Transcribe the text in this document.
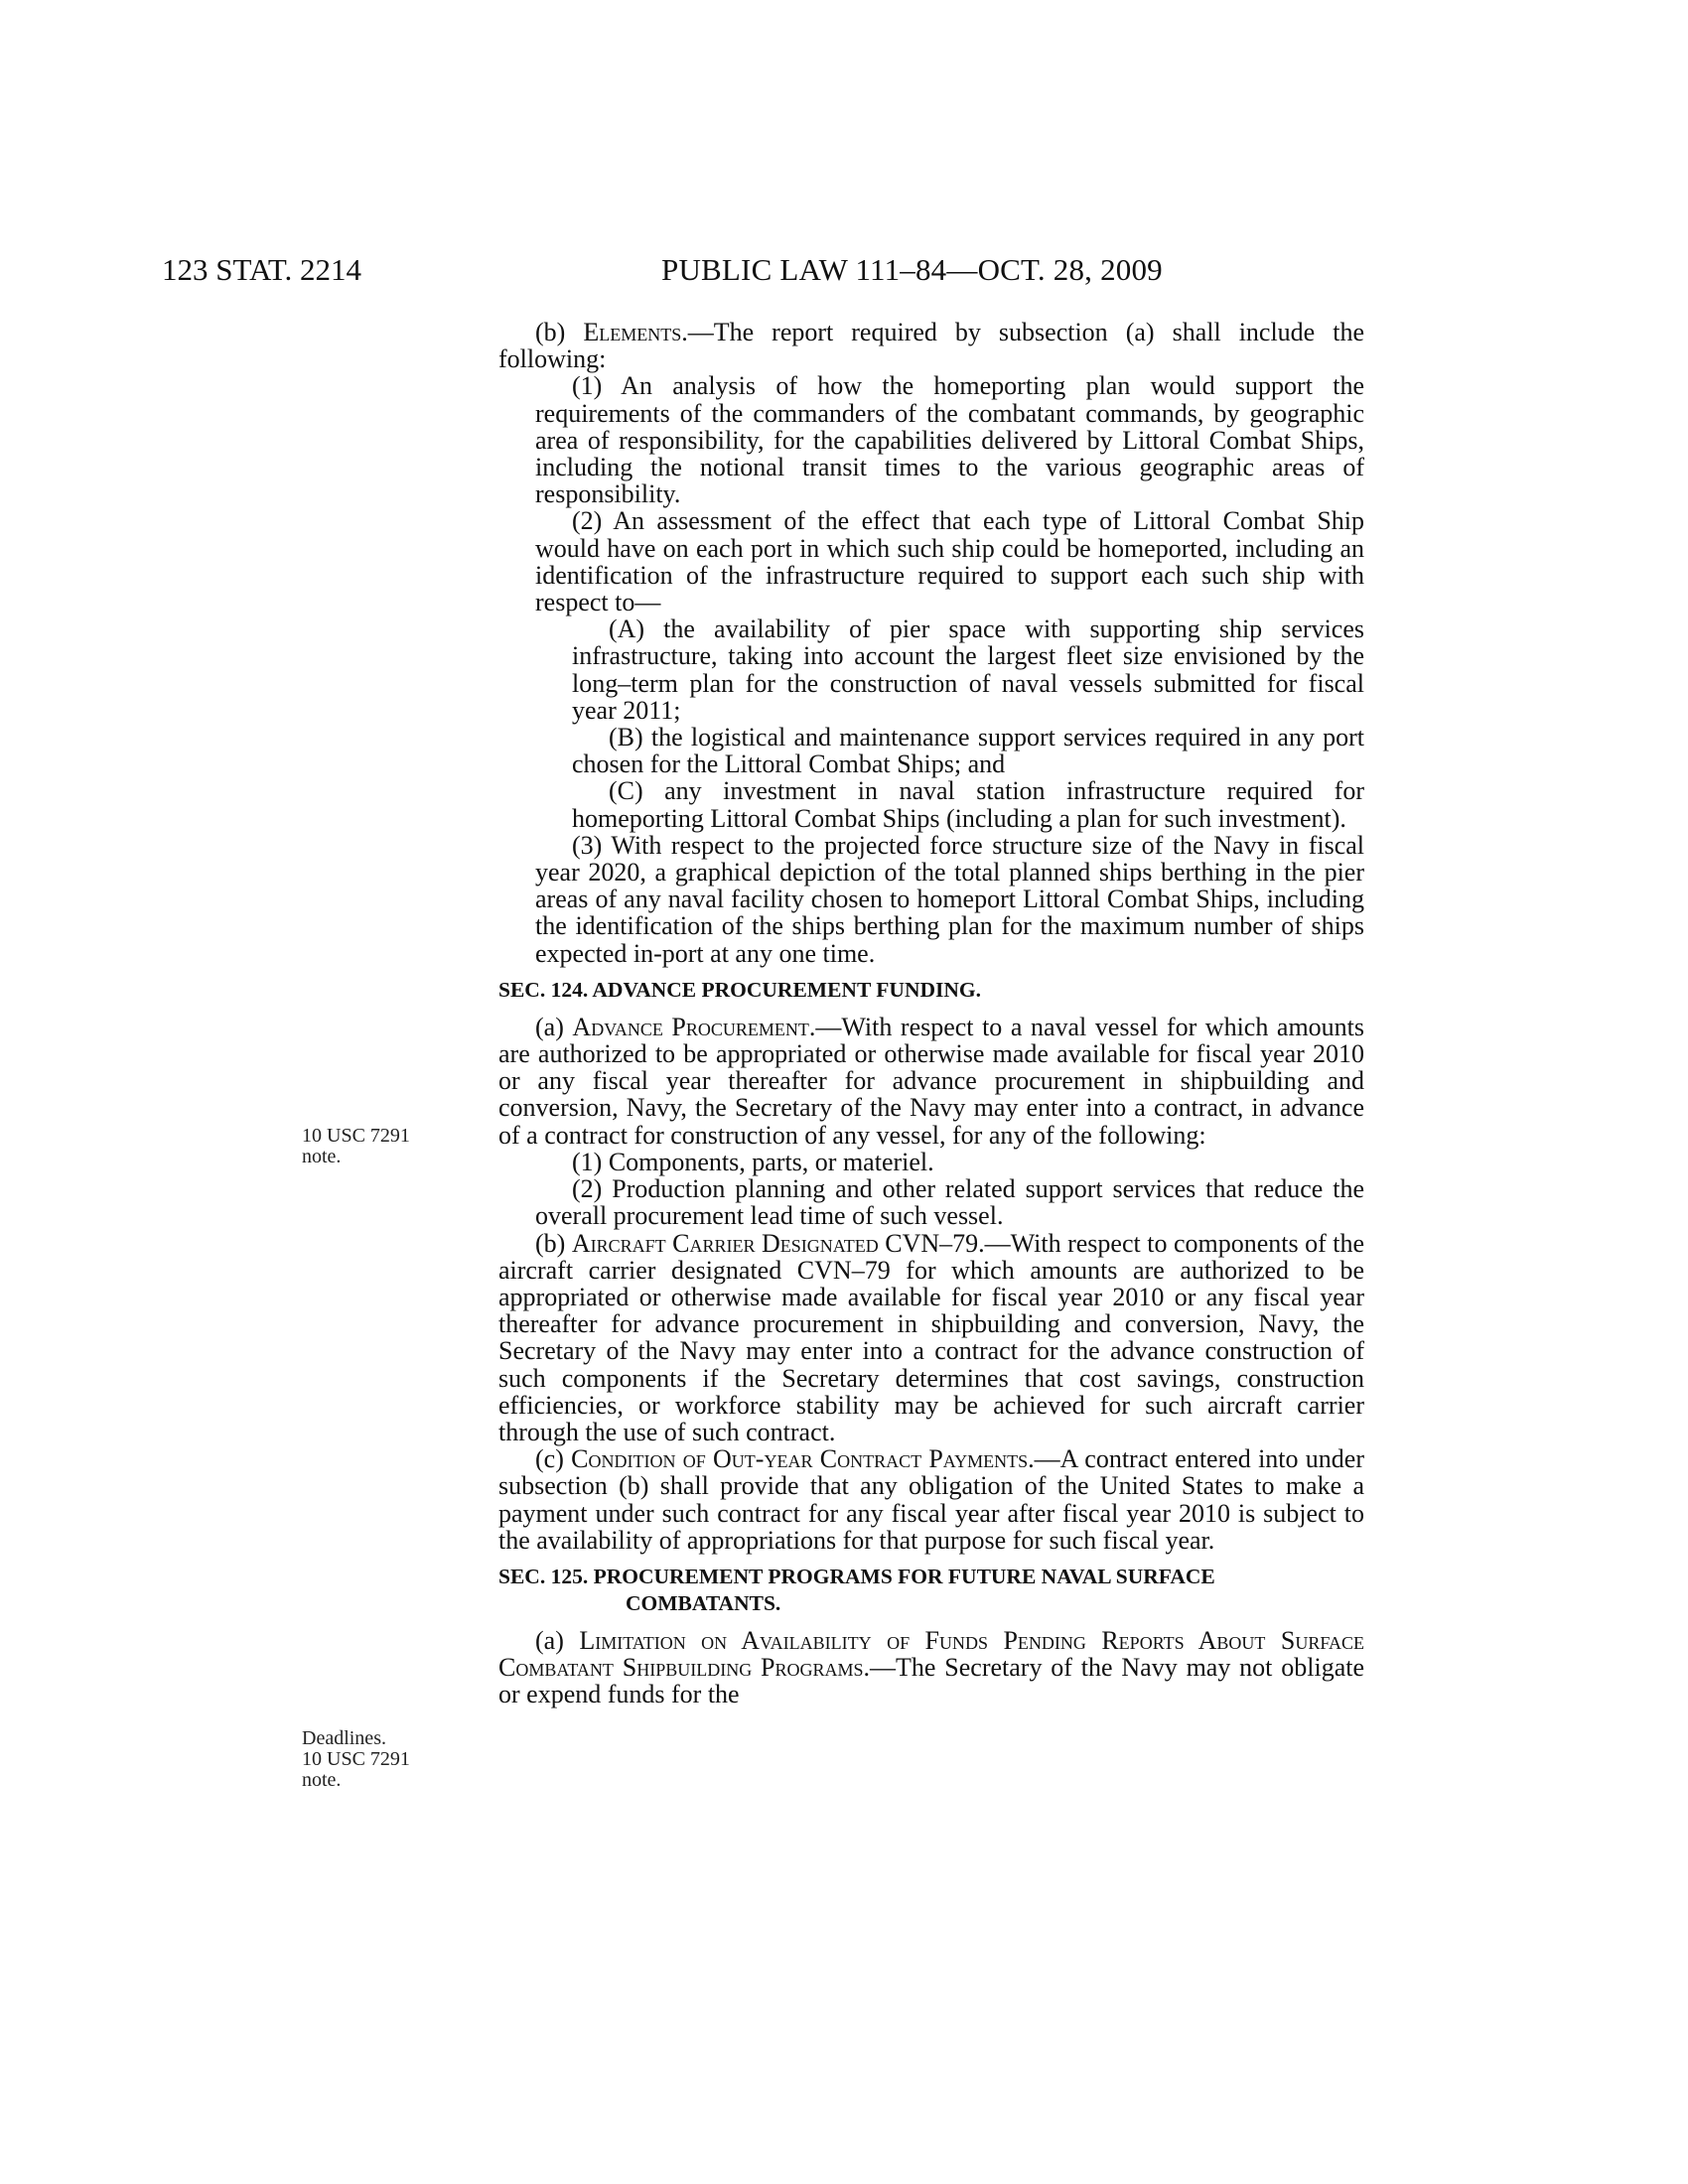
123 STAT. 2214	PUBLIC LAW 111–84—OCT. 28, 2009
10 USC 7291
note.
Deadlines.
10 USC 7291
note.

(b) Elements.—The report required by subsection (a) shall include the following:

(1) An analysis of how the homeporting plan would support the requirements of the commanders of the combatant commands, by geographic area of responsibility, for the capabilities delivered by Littoral Combat Ships, including the notional transit times to the various geographic areas of responsibility.

(2) An assessment of the effect that each type of Littoral Combat Ship would have on each port in which such ship could be homeported, including an identification of the infrastructure required to support each such ship with respect to—

(A) the availability of pier space with supporting ship services infrastructure, taking into account the largest fleet size envisioned by the long–term plan for the construction of naval vessels submitted for fiscal year 2011;

(B) the logistical and maintenance support services required in any port chosen for the Littoral Combat Ships; and

(C) any investment in naval station infrastructure required for homeporting Littoral Combat Ships (including a plan for such investment).

(3) With respect to the projected force structure size of the Navy in fiscal year 2020, a graphical depiction of the total planned ships berthing in the pier areas of any naval facility chosen to homeport Littoral Combat Ships, including the identification of the ships berthing plan for the maximum number of ships expected in-port at any one time.

SEC. 124. ADVANCE PROCUREMENT FUNDING.

(a) Advance Procurement.—With respect to a naval vessel for which amounts are authorized to be appropriated or otherwise made available for fiscal year 2010 or any fiscal year thereafter for advance procurement in shipbuilding and conversion, Navy, the Secretary of the Navy may enter into a contract, in advance of a contract for construction of any vessel, for any of the following:

(1) Components, parts, or materiel.

(2) Production planning and other related support services that reduce the overall procurement lead time of such vessel.

(b) Aircraft Carrier Designated CVN–79.—With respect to components of the aircraft carrier designated CVN–79 for which amounts are authorized to be appropriated or otherwise made available for fiscal year 2010 or any fiscal year thereafter for advance procurement in shipbuilding and conversion, Navy, the Secretary of the Navy may enter into a contract for the advance construction of such components if the Secretary determines that cost savings, construction efficiencies, or workforce stability may be achieved for such aircraft carrier through the use of such contract.

(c) Condition of Out-year Contract Payments.—A contract entered into under subsection (b) shall provide that any obligation of the United States to make a payment under such contract for any fiscal year after fiscal year 2010 is subject to the availability of appropriations for that purpose for such fiscal year.

SEC. 125. PROCUREMENT PROGRAMS FOR FUTURE NAVAL SURFACE COMBATANTS.

(a) Limitation on Availability of Funds Pending Reports About Surface Combatant Shipbuilding Programs.—The Secretary of the Navy may not obligate or expend funds for the
